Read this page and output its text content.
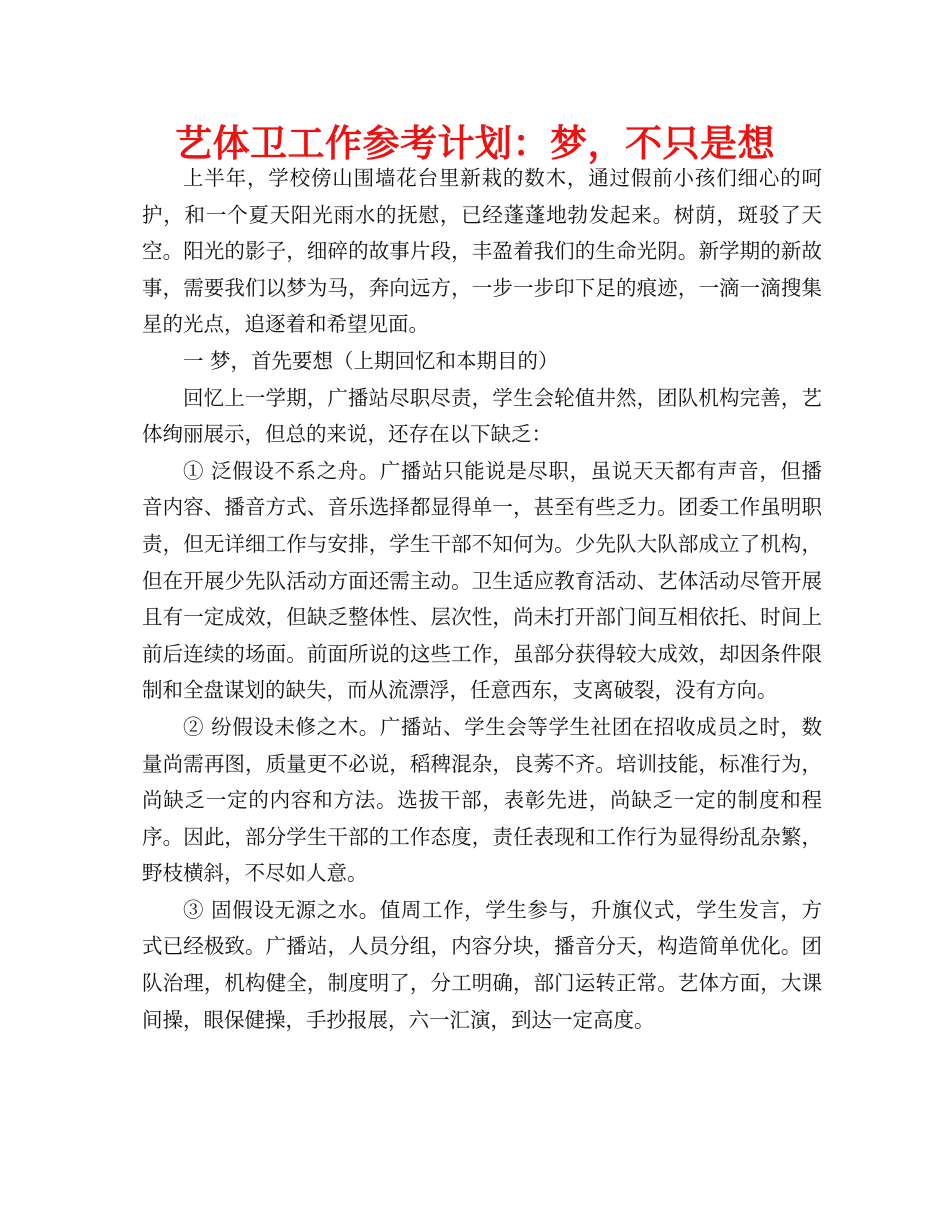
艺体卫工作参考计划：梦，不只是想

上半年，学校傍山围墙花台里新栽的数木，通过假前小孩们细心的呵护，和一个夏天阳光雨水的抚慰，已经蓬蓬地勃发起来。树荫，斑驳了天空。阳光的影子，细碎的故事片段，丰盈着我们的生命光阴。新学期的新故事，需要我们以梦为马，奔向远方，一步一步印下足的痕迹，一滴一滴搜集星的光点，追逐着和希望见面。

一 梦，首先要想（上期回忆和本期目的）

回忆上一学期，广播站尽职尽责，学生会轮值井然，团队机构完善，艺体绚丽展示，但总的来说，还存在以下缺乏：

① 泛假设不系之舟。广播站只能说是尽职，虽说天天都有声音，但播音内容、播音方式、音乐选择都显得单一，甚至有些乏力。团委工作虽明职责，但无详细工作与安排，学生干部不知何为。少先队大队部成立了机构，但在开展少先队活动方面还需主动。卫生适应教育活动、艺体活动尽管开展且有一定成效，但缺乏整体性、层次性，尚未打开部门间互相依托、时间上前后连续的场面。前面所说的这些工作，虽部分获得较大成效，却因条件限制和全盘谋划的缺失，而从流漂浮，任意西东，支离破裂，没有方向。

② 纷假设未修之木。广播站、学生会等学生社团在招收成员之时，数量尚需再图，质量更不必说，稻稗混杂，良莠不齐。培训技能，标准行为，尚缺乏一定的内容和方法。选拔干部，表彰先进，尚缺乏一定的制度和程序。因此，部分学生干部的工作态度，责任表现和工作行为显得纷乱杂繁，野枝横斜，不尽如人意。

③ 固假设无源之水。值周工作，学生参与，升旗仪式，学生发言，方式已经极致。广播站，人员分组，内容分块，播音分天，构造简单优化。团队治理，机构健全，制度明了，分工明确，部门运转正常。艺体方面，大课间操，眼保健操，手抄报展，六一汇演，到达一定高度。
